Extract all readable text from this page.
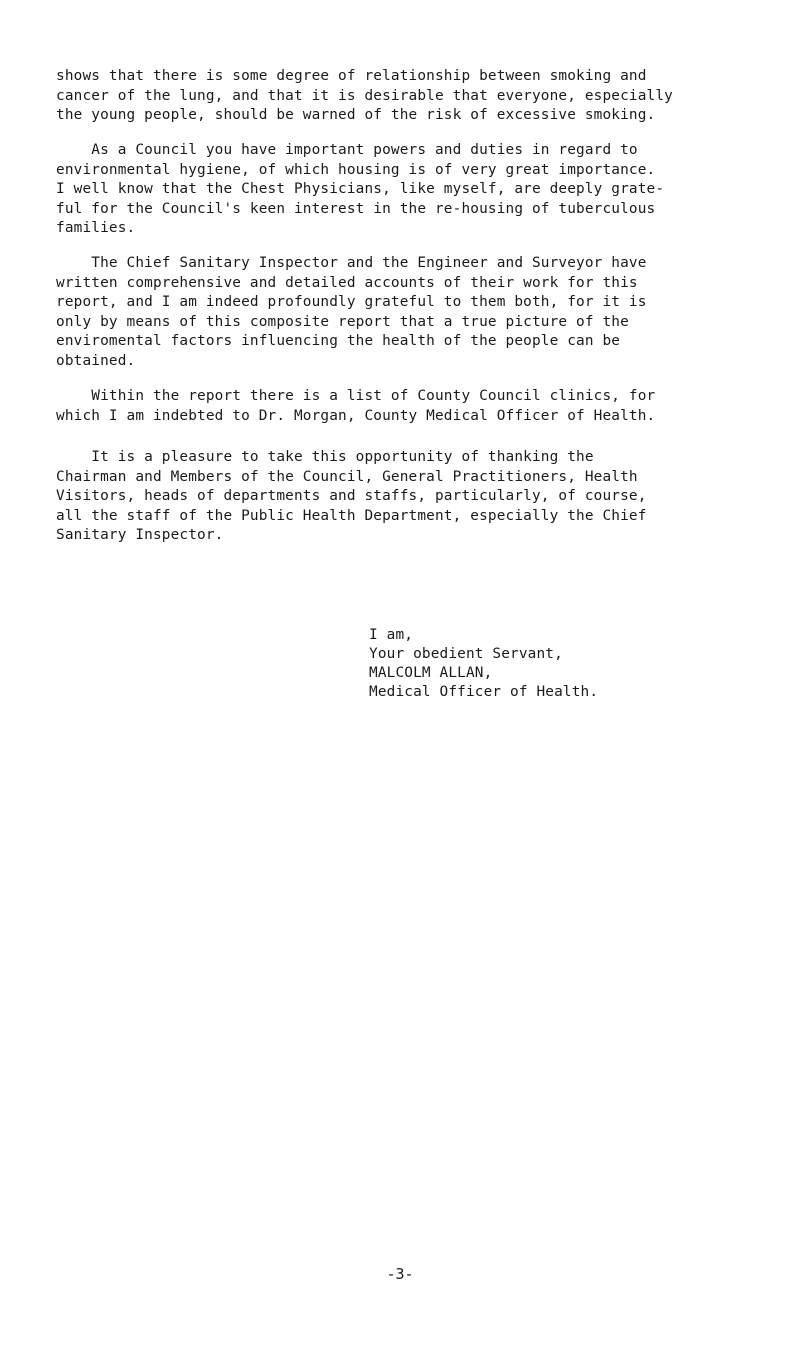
shows that there is some degree of relationship between smoking and
cancer of the lung, and that it is desirable that everyone, especially
the young people, should be warned of the risk of excessive smoking.
As a Council you have important powers and duties in regard to
environmental hygiene, of which housing is of very great importance.
I well know that the Chest Physicians, like myself, are deeply grate-
ful for the Council's keen interest in the re-housing of tuberculous
families.
The Chief Sanitary Inspector and the Engineer and Surveyor have
written comprehensive and detailed accounts of their work for this
report, and I am indeed profoundly grateful to them both, for it is
only by means of this composite report that a true picture of the
enviromental factors influencing the health of the people can be
obtained.
Within the report there is a list of County Council clinics, for
which I am indebted to Dr. Morgan, County Medical Officer of Health.
It is a pleasure to take this opportunity of thanking the
Chairman and Members of the Council, General Practitioners, Health
Visitors, heads of departments and staffs, particularly, of course,
all the staff of the Public Health Department, especially the Chief
Sanitary Inspector.
I am,
Your obedient Servant,
MALCOLM ALLAN,
Medical Officer of Health.
-3-
